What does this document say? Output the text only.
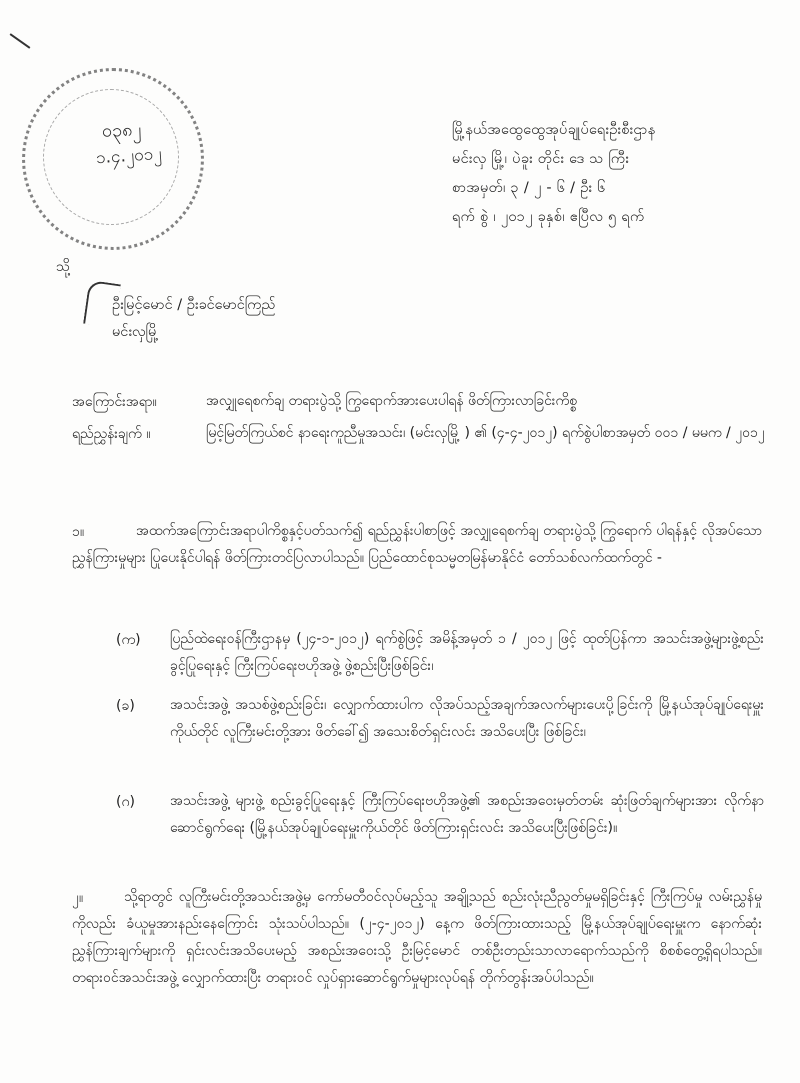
၀၃၈၂
၁.၄.၂၀၁၂
မြို့နယ်အထွေထွေအုပ်ချုပ်ရေးဦးစီးဌာန
မင်းလှ မြို့၊ ပဲခူး တိုင်း ဒေ သ ကြီး
စာအမှတ်၊ ၃ / ၂ - ၆ / ဦး ၆
ရက် စွဲ ၊ ၂၀၁၂ ခုနှစ်၊ ဧပြီလ ၅ ရက်
သို့
ဦးမြင့်မောင် / ဦးခင်မောင်ကြည်
မင်းလှမြို့
အကြောင်းအရာ။	အလျှုရေစက်ချ တရားပွဲသို့ ကြွရောက်အားပေးပါရန် ဖိတ်ကြားလာခြင်းကိစ္စ
ရည်ညွှန်းချက် ။	မြင့်မြတ်ကြယ်စင် နာရေးကူညီမှုအသင်း၊ (မင်းလှမြို့ ) ၏ (၄-၄-၂၀၁၂) ရက်စွဲပါစာအမှတ် ၀၀၁ / မမက / ၂၀၁၂
၁။	အထက်အကြောင်းအရာပါကိစ္စနှင့်ပတ်သက်၍ ရည်ညွှန်းပါစာဖြင့် အလျှုရေစက်ချ တရားပွဲသို့ ကြွရောက် ပါရန်နှင့် လိုအပ်သောညွှန်ကြားမှုများ ပြုပေးနိုင်ပါရန် ဖိတ်ကြားတင်ပြလာပါသည်။ ပြည်ထောင်စုသမ္မတမြန်မာနိုင်ငံ တော်သစ်လက်ထက်တွင် -
(က) ပြည်ထဲရေးဝန်ကြီးဌာနမှ (၂၄-၁-၂၀၁၂) ရက်စွဲဖြင့် အမိန့်အမှတ် ၁ / ၂၀၁၂ ဖြင့် ထုတ်ပြန်ကာ အသင်းအဖွဲ့များဖွဲ့စည်းခွင့်ပြုရေးနှင့် ကြီးကြပ်ရေးဗဟိုအဖွဲ့ ဖွဲ့စည်းပြီးဖြစ်ခြင်း၊
(ခ)	အသင်းအဖွဲ့ အသစ်ဖွဲ့စည်းခြင်း၊ လျှောက်ထားပါက လိုအပ်သည့်အချက်အလက်များပေးပို့ခြင်းကို မြို့နယ်အုပ်ချုပ်ရေးမှူးကိုယ်တိုင် လူကြီးမင်းတို့အား ဖိတ်ခေါ်၍ အသေးစိတ်ရှင်းလင်း အသိပေးပြီး ဖြစ်ခြင်း၊
(ဂ)	အသင်းအဖွဲ့ များဖွဲ့ စည်းခွင့်ပြုရေးနှင့် ကြီးကြပ်ရေးဗဟိုအဖွဲ့၏ အစည်းအဝေးမှတ်တမ်း ဆုံးဖြတ်ချက်များအား လိုက်နာဆောင်ရွက်ရေး (မြို့နယ်အုပ်ချုပ်ရေးမှူးကိုယ်တိုင် ဖိတ်ကြားရှင်းလင်း အသိပေးပြီးဖြစ်ခြင်း)။
၂။	သို့ရာတွင် လူကြီးမင်းတို့အသင်းအဖွဲ့မှ ကော်မတီဝင်လုပ်မည့်သူ အချို့သည် စည်းလုံးညီညွတ်မှုမရှိခြင်းနှင့် ကြီးကြပ်မှု လမ်းညွှန်မှုကိုလည်း ခံယူမှုအားနည်းနေကြောင်း သုံးသပ်ပါသည်။ (၂-၄-၂၀၁၂) နေ့က ဖိတ်ကြားထားသည့် မြို့နယ်အုပ်ချုပ်ရေးမှူးက နောက်ဆုံးညွှန်ကြားချက်များကို ရှင်းလင်းအသိပေးမည့် အစည်းအဝေးသို့ ဦးမြင့်မောင် တစ်ဦးတည်းသာလာရောက်သည်ကို စိစစ်တွေ့ရှိရပါသည်။တရားဝင်အသင်းအဖွဲ့ လျှောက်ထားပြီး တရားဝင် လှုပ်ရှားဆောင်ရွက်မှုများလုပ်ရန် တိုက်တွန်းအပ်ပါသည်။
